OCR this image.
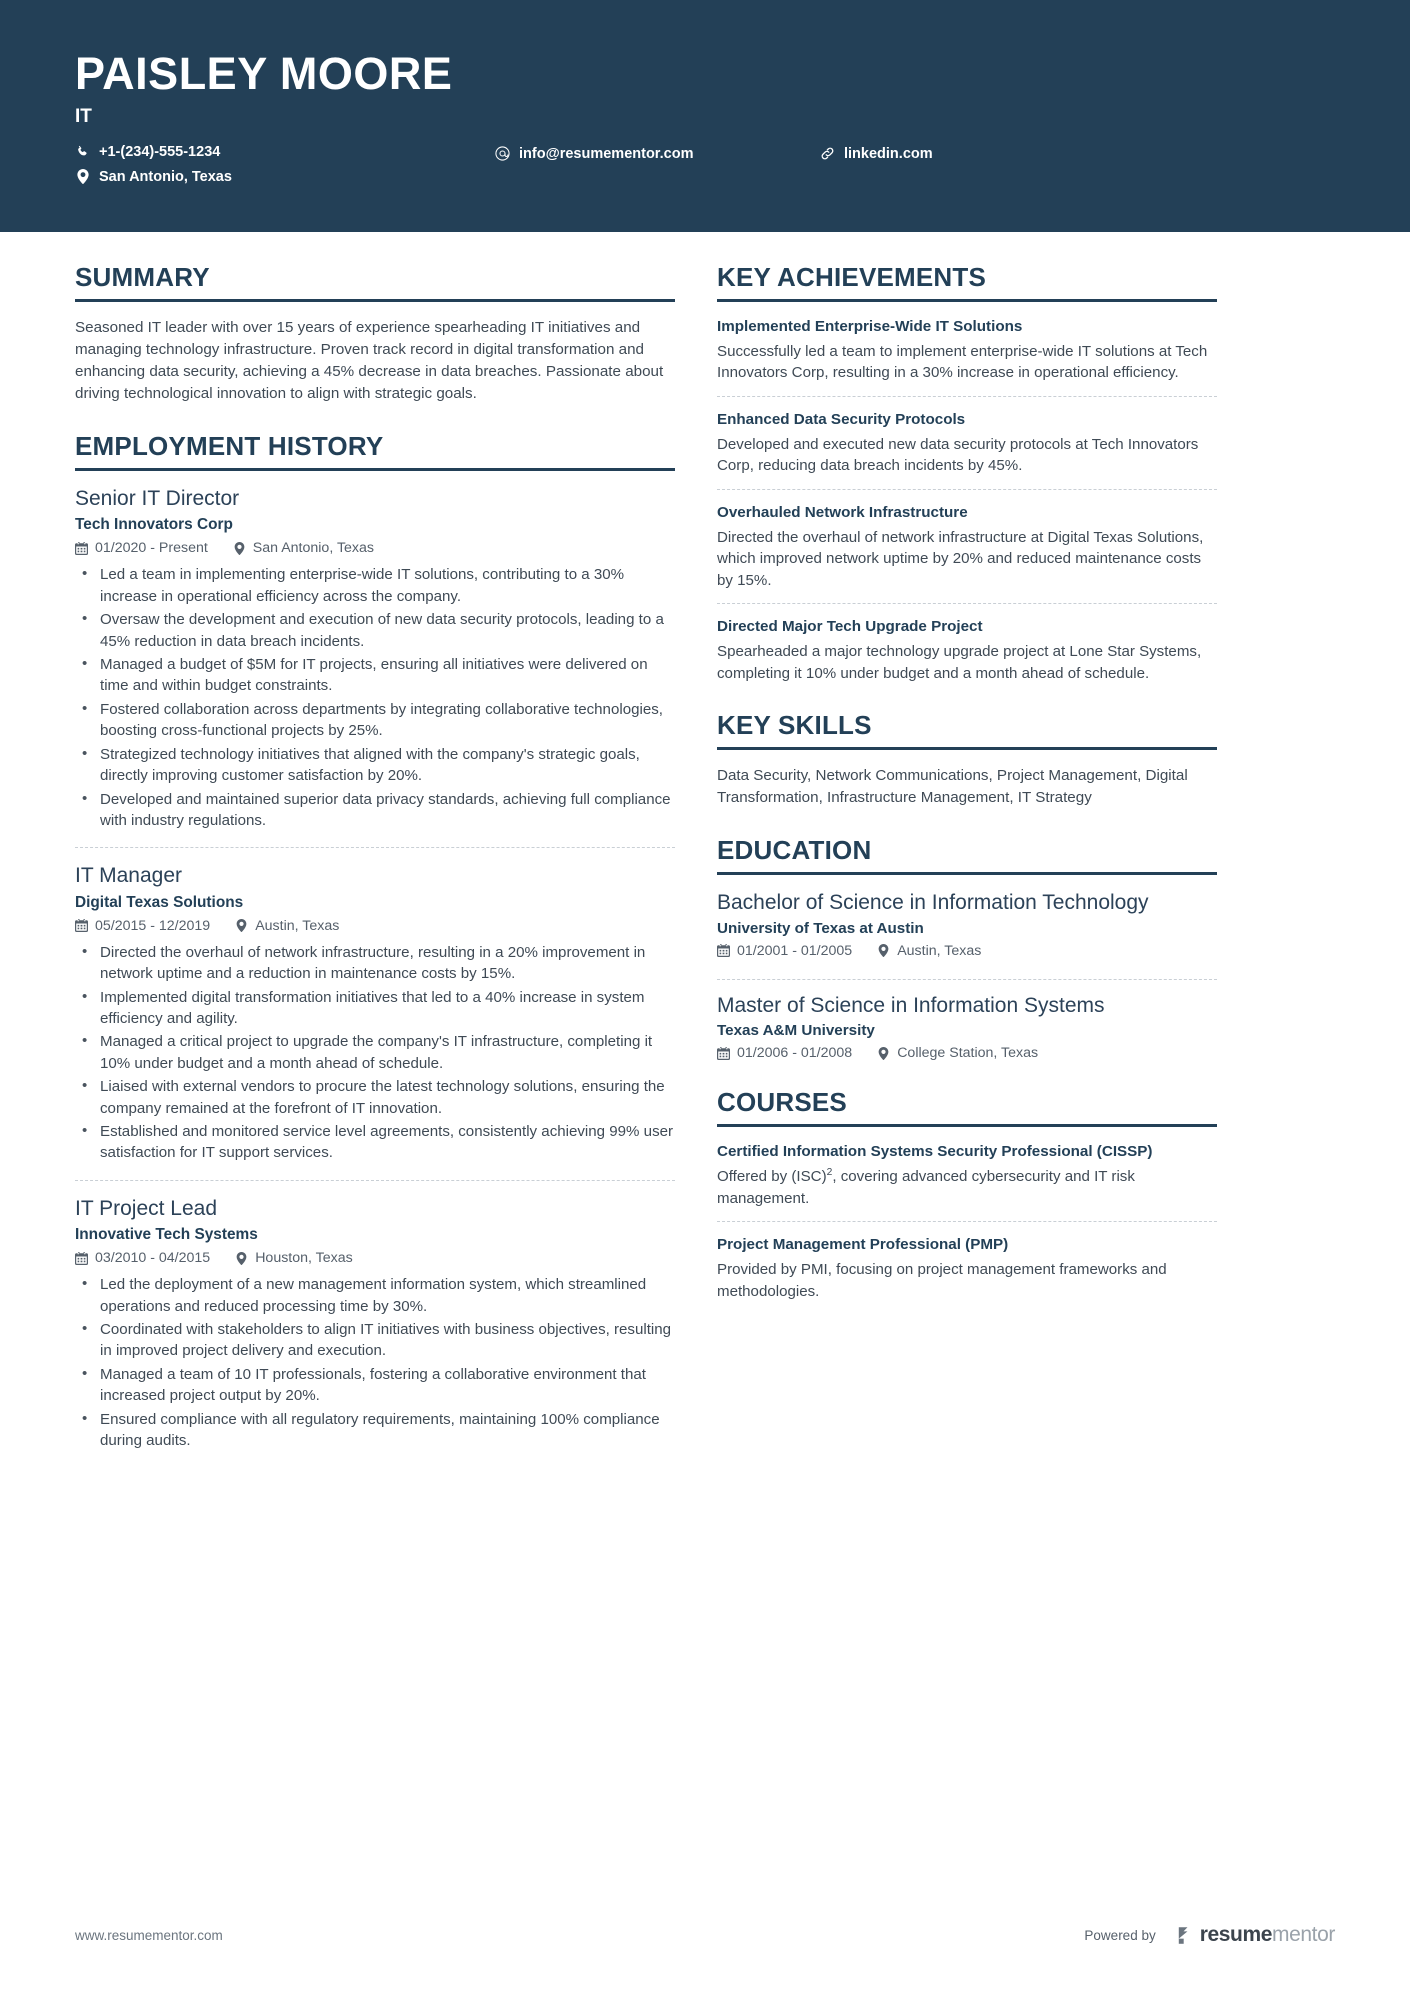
PAISLEY MOORE
IT
+1-(234)-555-1234
San Antonio, Texas
info@resumementor.com	linkedin.com
SUMMARY
Seasoned IT leader with over 15 years of experience spearheading IT initiatives and managing technology infrastructure. Proven track record in digital transformation and enhancing data security, achieving a 45% decrease in data breaches. Passionate about driving technological innovation to align with strategic goals.
EMPLOYMENT HISTORY
Senior IT Director
Tech Innovators Corp
01/2020 - Present	San Antonio, Texas
• Led a team in implementing enterprise-wide IT solutions, contributing to a 30% increase in operational efficiency across the company.
• Oversaw the development and execution of new data security protocols, leading to a 45% reduction in data breach incidents.
• Managed a budget of $5M for IT projects, ensuring all initiatives were delivered on time and within budget constraints.
• Fostered collaboration across departments by integrating collaborative technologies, boosting cross-functional projects by 25%.
• Strategized technology initiatives that aligned with the company's strategic goals, directly improving customer satisfaction by 20%.
• Developed and maintained superior data privacy standards, achieving full compliance with industry regulations.
IT Manager
Digital Texas Solutions
05/2015 - 12/2019	Austin, Texas
• Directed the overhaul of network infrastructure, resulting in a 20% improvement in network uptime and a reduction in maintenance costs by 15%.
• Implemented digital transformation initiatives that led to a 40% increase in system efficiency and agility.
• Managed a critical project to upgrade the company's IT infrastructure, completing it 10% under budget and a month ahead of schedule.
• Liaised with external vendors to procure the latest technology solutions, ensuring the company remained at the forefront of IT innovation.
• Established and monitored service level agreements, consistently achieving 99% user satisfaction for IT support services.
IT Project Lead
Innovative Tech Systems
03/2010 - 04/2015	Houston, Texas
• Led the deployment of a new management information system, which streamlined operations and reduced processing time by 30%.
• Coordinated with stakeholders to align IT initiatives with business objectives, resulting in improved project delivery and execution.
• Managed a team of 10 IT professionals, fostering a collaborative environment that increased project output by 20%.
• Ensured compliance with all regulatory requirements, maintaining 100% compliance during audits.
KEY ACHIEVEMENTS
Implemented Enterprise-Wide IT Solutions
Successfully led a team to implement enterprise-wide IT solutions at Tech Innovators Corp, resulting in a 30% increase in operational efficiency.
Enhanced Data Security Protocols
Developed and executed new data security protocols at Tech Innovators Corp, reducing data breach incidents by 45%.
Overhauled Network Infrastructure
Directed the overhaul of network infrastructure at Digital Texas Solutions, which improved network uptime by 20% and reduced maintenance costs by 15%.
Directed Major Tech Upgrade Project
Spearheaded a major technology upgrade project at Lone Star Systems, completing it 10% under budget and a month ahead of schedule.
KEY SKILLS
Data Security, Network Communications, Project Management, Digital Transformation, Infrastructure Management, IT Strategy
EDUCATION
Bachelor of Science in Information Technology
University of Texas at Austin
01/2001 - 01/2005	Austin, Texas
Master of Science in Information Systems
Texas A&M University
01/2006 - 01/2008	College Station, Texas
COURSES
Certified Information Systems Security Professional (CISSP)
Offered by (ISC)$^2$, covering advanced cybersecurity and IT risk management.
Project Management Professional (PMP)
Provided by PMI, focusing on project management frameworks and methodologies.
www.resumementor.com	Powered by resumementor
